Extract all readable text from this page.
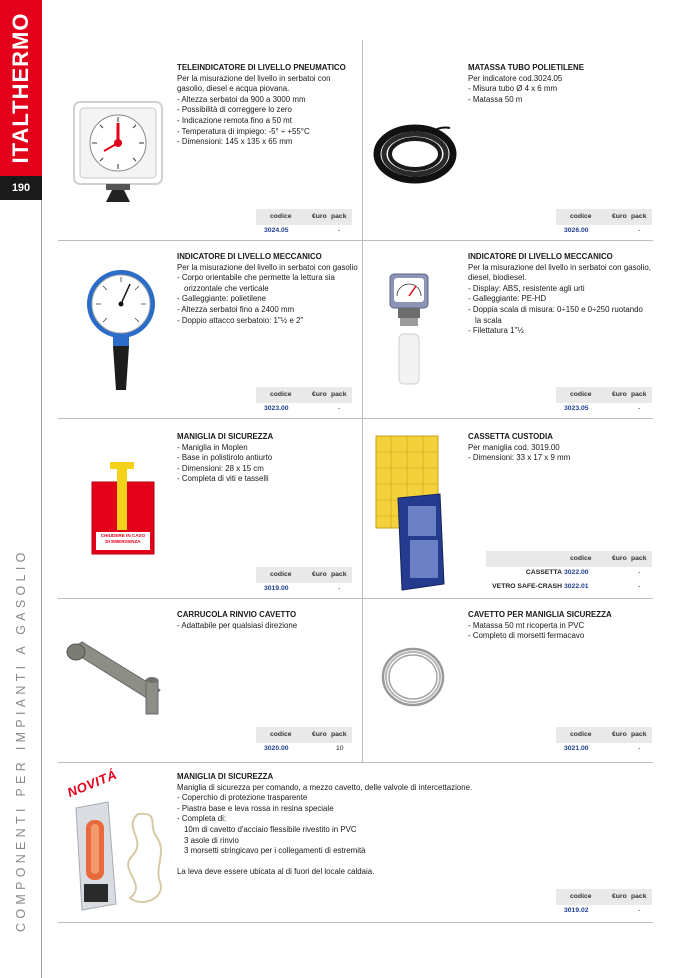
ITALTHERMO
190
COMPONENTI PER IMPIANTI A GASOLIO
TELEINDICATORE DI LIVELLO PNEUMATICO
Per la misurazione del livello in serbatoi con
gasolio, diesel e acqua piovana.
- Altezza serbatoi da 900 a 3000 mm
- Possibilità di correggere lo zero
- Indicazione remota fino a 50 mt
- Temperatura di impiego: -5° ÷ +55°C
- Dimensioni: 145 x 135 x 65 mm
codice	€uro pack
3024.05	-
MATASSA TUBO POLIETILENE
Per indicatore cod.3024.05
- Misura tubo Ø 4 x 6 mm
- Matassa 50 m
codice	€uro pack
3026.00	-
INDICATORE DI LIVELLO MECCANICO
Per la misurazione del livello in serbatoi con gasolio
- Corpo orientabile che permette la lettura sia
orizzontale che verticale
- Galleggiante: polietilene
- Altezza serbatoi fino a 2400 mm
- Doppio attacco serbatoio: 1"½ e 2"
codice	€uro pack
3023.00	-
INDICATORE DI LIVELLO MECCANICO
Per la misurazione del livello in serbatoi con gasolio,
diesel, biodiesel.
- Display: ABS, resistente agli urti
- Galleggiante: PE-HD
- Doppia scala di misura: 0÷150 e 0÷250 ruotando
la scala
- Filettatura 1"½
codice	€uro pack
3023.05	-
CHIUDERE IN CASO DI EMERGENZA
MANIGLIA DI SICUREZZA
- Maniglia in Moplen
- Base in polistirolo antiurto
- Dimensioni: 28 x 15 cm
- Completa di viti e tasselli
codice	€uro pack
3019.00	-
CASSETTA CUSTODIA
Per maniglia cod. 3019.00
- Dimensioni: 33 x 17 x 9 mm
codice	€uro pack
CASSETTA 3022.00	-
VETRO SAFE-CRASH 3022.01	-
CARRUCOLA RINVIO CAVETTO
- Adattabile per qualsiasi direzione
codice	€uro pack
3020.00	10
CAVETTO PER MANIGLIA SICUREZZA
- Matassa 50 mt ricoperta in PVC
- Completo di morsetti fermacavo
codice	€uro pack
3021.00	-
NOVITÁ	MANIGLIA DI SICUREZZA
Maniglia di sicurezza per comando, a mezzo cavetto, delle valvole di intercettazione.
- Coperchio di protezione trasparente
- Piastra base e leva rossa in resina speciale
- Completa di:
10m di cavetto d'acciaio flessibile rivestito in PVC
3 asole di rinvio
3 morsetti stringicavo per i collegamenti di estremità
La leva deve essere ubicata al di fuori del locale caldaia.
codice	€uro pack
3019.02	-
